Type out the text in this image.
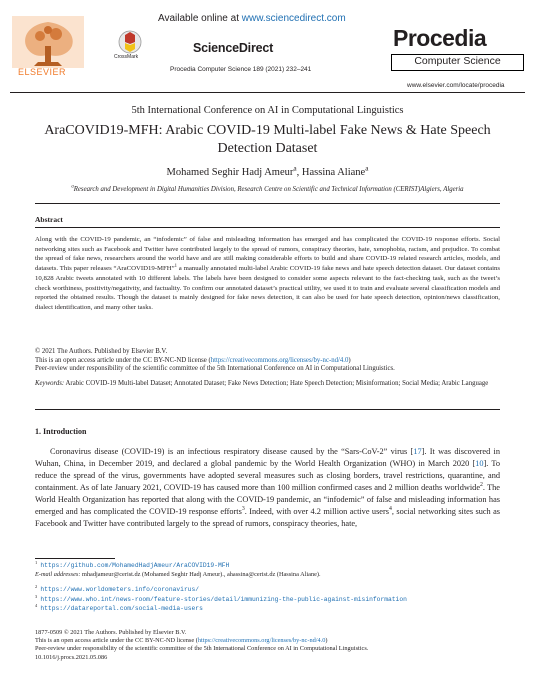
ELSEVIER
Available online at www.sciencedirect.com
CrossMark
ScienceDirect
Procedia Computer Science 189 (2021) 232–241
Procedia
Computer Science
www.elsevier.com/locate/procedia
5th International Conference on AI in Computational Linguistics
AraCOVID19-MFH: Arabic COVID-19 Multi-label Fake News & Hate Speech Detection Dataset
Mohamed Seghir Hadj Ameur$^a$, Hassina Aliane$^a$
$^a$Research and Development in Digital Humanities Division, Research Centre on Scientific and Technical Information (CERIST)Algiers, Algeria
Abstract
Along with the COVID-19 pandemic, an “infodemic” of false and misleading information has emerged and has complicated the COVID-19 response efforts. Social networking sites such as Facebook and Twitter have contributed largely to the spread of rumors, conspiracy theories, hate, xenophobia, racism, and prejudice. To combat the spread of fake news, researchers around the world have and are still making considerable efforts to build and share COVID-19 related research articles, models, and datasets. This paper releases “AraCOVID19-MFH”$^1$ a manually annotated multi-label Arabic COVID-19 fake news and hate speech detection dataset. Our dataset contains 10,828 Arabic tweets annotated with 10 different labels. The labels have been designed to consider some aspects relevant to the fact-checking task, such as the tweet’s check worthiness, positivity/negativity, and factuality. To confirm our annotated dataset’s practical utility, we used it to train and evaluate several classification models and reported the obtained results. Though the dataset is mainly designed for fake news detection, it can also be used for hate speech detection, opinion/news classification, dialect identification, and many other tasks.
© 2021 The Authors. Published by Elsevier B.V.
This is an open access article under the CC BY-NC-ND license (https://creativecommons.org/licenses/by-nc-nd/4.0)
Peer-review under responsibility of the scientific committee of the 5th International Conference on AI in Computational Linguistics.
Keywords: Arabic COVID-19 Multi-label Dataset; Annotated Dataset; Fake News Detection; Hate Speech Detection; Misinformation; Social Media; Arabic Language
1. Introduction
Coronavirus disease (COVID-19) is an infectious respiratory disease caused by the “Sars-CoV-2” virus [17]. It was discovered in Wuhan, China, in December 2019, and declared a global pandemic by the World Health Organization (WHO) in March 2020 [10]. To reduce the spread of the virus, governments have adopted several measures such as closing borders, travel restrictions, quarantine, and containment. As of late January 2021, COVID-19 has caused more than 100 million confirmed cases and 2 million deaths worldwide$^2$. The World Health Organization has reported that along with the COVID-19 pandemic, an “infodemic” of false and misleading information has emerged and has complicated the COVID-19 response efforts$^3$. Indeed, with over 4.2 million active users$^4$, social networking sites such as Facebook and Twitter have contributed largely to the spread of rumors, conspiracy theories, hate,
$^1$ https://github.com/MohamedHadjAmeur/AraCOVID19-MFH
E-mail addresses: mhadjameur@cerist.dz (Mohamed Seghir Hadj Ameur)., ahassina@cerist.dz (Hassina Aliane).
$^2$ https://www.worldometers.info/coronavirus/
$^3$ https://www.who.int/news-room/feature-stories/detail/immunizing-the-public-against-misinformation
$^4$ https://datareportal.com/social-media-users
1877-0509 © 2021 The Authors. Published by Elsevier B.V.
This is an open access article under the CC BY-NC-ND license (https://creativecommons.org/licenses/by-nc-nd/4.0)
Peer-review under responsibility of the scientific committee of the 5th International Conference on AI in Computational Linguistics.
10.1016/j.procs.2021.05.086
